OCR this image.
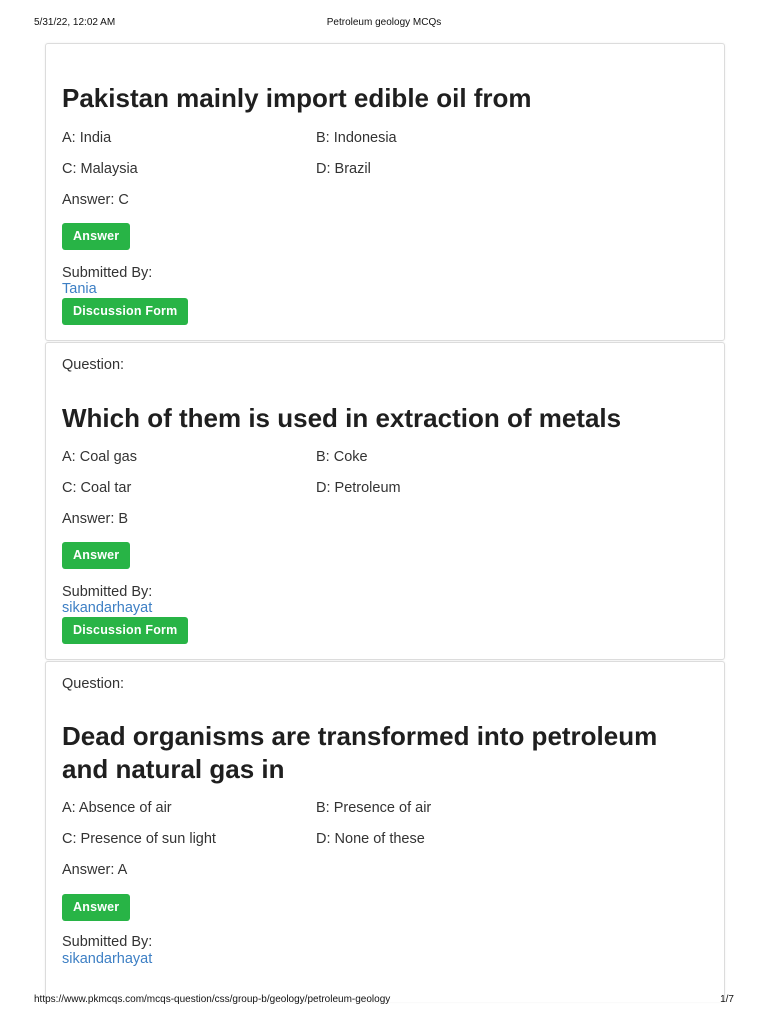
5/31/22, 12:02 AM	Petroleum geology MCQs
Pakistan mainly import edible oil from
A: India	B: Indonesia
C: Malaysia	D: Brazil
Answer: C
Answer
Submitted By:
Tania
Discussion Form
Question:
Which of them is used in extraction of metals
A: Coal gas	B: Coke
C: Coal tar	D: Petroleum
Answer: B
Answer
Submitted By:
sikandarhayat
Discussion Form
Question:
Dead organisms are transformed into petroleum and natural gas in
A: Absence of air	B: Presence of air
C: Presence of sun light	D: None of these
Answer: A
Answer
Submitted By:
sikandarhayat
https://www.pkmcqs.com/mcqs-question/css/group-b/geology/petroleum-geology	1/7
